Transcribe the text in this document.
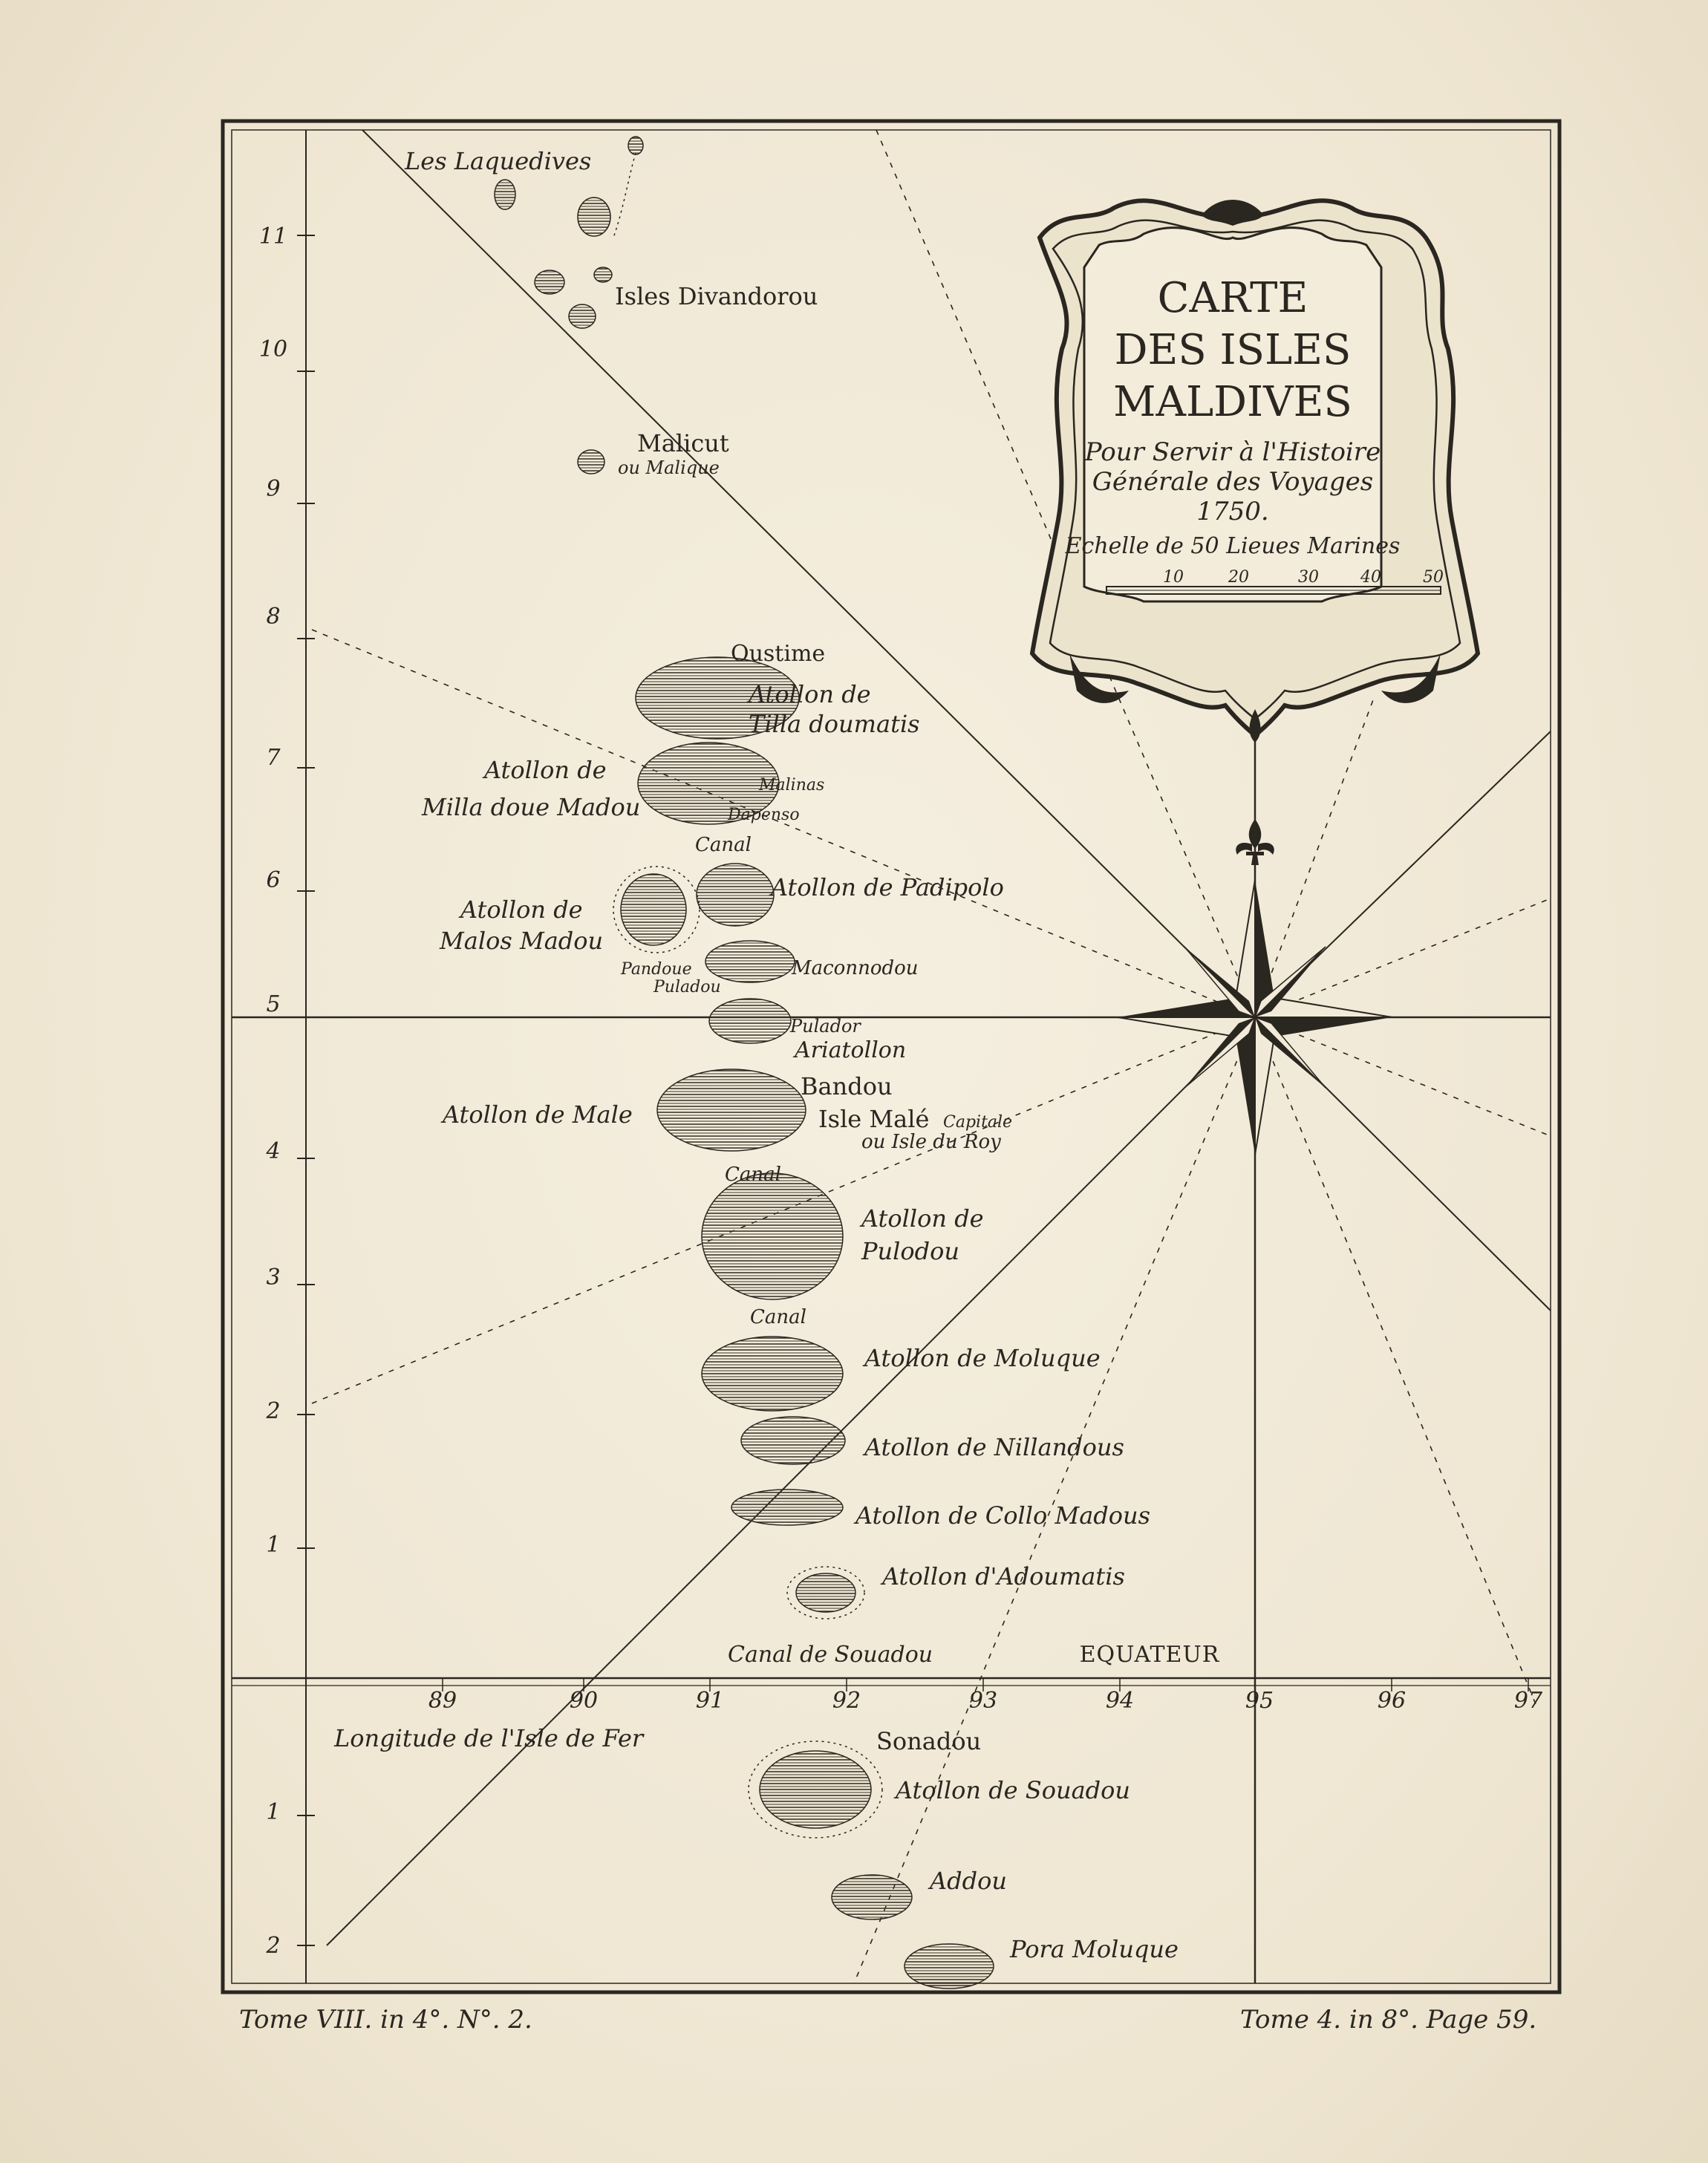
CARTE
DES ISLES
MALDIVES
Pour Servir à l'Histoire
Générale des Voyages
1750.
Echelle de 50 Lieues Marines
10	20	30	40	50
11
10
9
8
7
6
5
4
3
2
1
1
2
89	90	91	92	93	94	95	96	97
EQUATEUR
Longitude de l'Isle de Fer
Les Laquedives
Isles Divandorou
Malicut
ou Malique
Oustime
Atollon de
Tilla doumatis
Atollon de
Milla doue Madou
Malinas
Dapenso
Canal
Atollon de Padipolo
Atollon de
Malos Madou
Pandoue
Puladou
Maconnodou
Pulador
Ariatollon
Bandou
Atollon de Male	Isle Malé Capitale
ou Isle du Roy
Canal
Atollon de
Pulodou
Canal
Atollon de Moluque
Atollon de Nillandous
Atollon de Collo Madous
Atollon d'Adoumatis
Canal de Souadou
Sonadou
Atollon de Souadou
Addou
Pora Moluque
Tome VIII. in 4°. N°. 2.	Tome 4. in 8°. Page 59.
